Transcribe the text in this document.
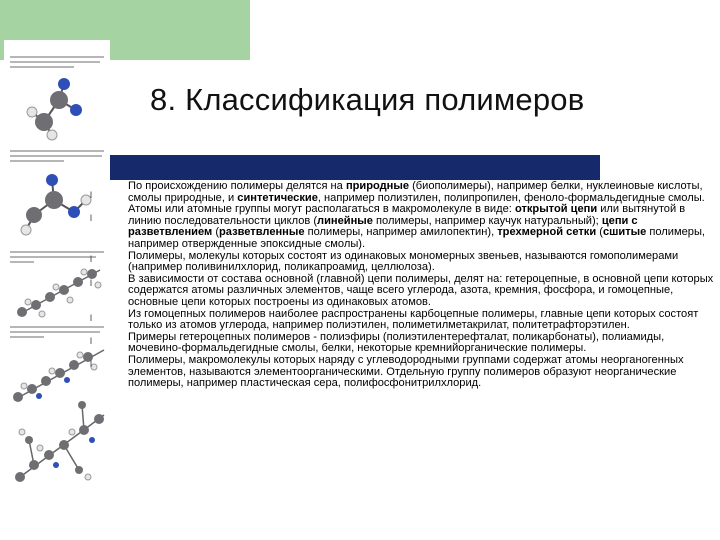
8. Классификация полимеров
l
По происхождению полимеры делятся на природные (биополимеры), например белки, нуклеиновые кислоты, смолы природные, и синтетические, например полиэтилен, полипропилен, феноло-формальдегидные смолы.
l
Атомы или атомные группы могут располагаться в макромолекуле в виде: открытой цепи или вытянутой в линию последовательности циклов (линейные полимеры, например каучук натуральный); цепи с разветвлением (разветвленные полимеры, например амилопектин), трехмерной сетки (сшитые полимеры, например отвержденные эпоксидные смолы).
l	Полимеры, молекулы которых состоят из одинаковых мономерных звеньев, называются гомополимерами (например поливинилхлорид, поликапроамид, целлюлоза).
l	В зависимости от состава основной (главной) цепи полимеры, делят на: гетероцепные, в основной цепи которых содержатся атомы различных элементов, чаще всего углерода, азота, кремния, фосфора, и гомоцепные, основные цепи которых построены из одинаковых атомов.
l	Из гомоцепных полимеров наиболее распространены карбоцепные полимеры, главные цепи которых состоят только из атомов углерода, например полиэтилен, полиметилметакрилат, политетрафторэтилен.
l	Примеры гетероцепных полимеров - полиэфиры (полиэтилентерефталат, поликарбонаты), полиамиды, мочевино-формальдегидные смолы, белки, некоторые кремнийорганические полимеры.
l	Полимеры, макромолекулы которых наряду с углеводородными группами содержат атомы неорганогенных элементов, называются элементоорганическими. Отдельную группу полимеров образуют неорганические полимеры, например пластическая сера, полифосфонитрилхлорид.
